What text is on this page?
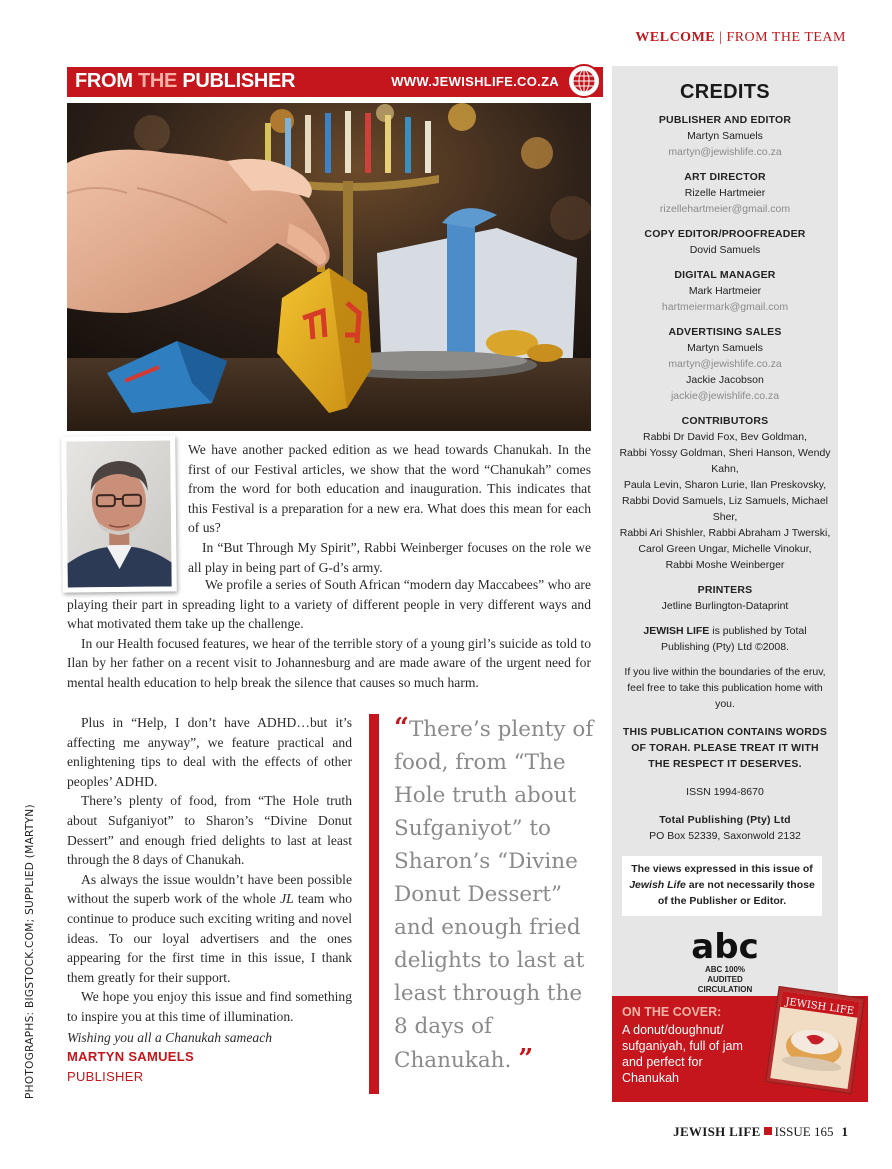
WELCOME | FROM THE TEAM
FROM THE PUBLISHER	WWW.JEWISHLIFE.CO.ZA

We have another packed edition as we head towards Chanukah. In the first of our Festival articles, we show that the word “Chanukah” comes from the word for both education and inauguration. This indicates that this Festival is a preparation for a new era. What does this mean for each of us?

In “But Through My Spirit”, Rabbi Weinberger focuses on the role we all play in being part of G-d’s army.

We profile a series of South African “modern day Maccabees” who are playing their part in spreading light to a variety of different people in very different ways and what motivated them take up the challenge.

In our Health focused features, we hear of the terrible story of a young girl’s suicide as told to Ilan by her father on a recent visit to Johannesburg and are made aware of the urgent need for mental health education to help break the silence that causes so much harm.

Plus in “Help, I don’t have ADHD…but it’s affecting me anyway”, we feature practical and enlightening tips to deal with the effects of other peoples’ ADHD.

There’s plenty of food, from “The Hole truth about Sufganiyot” to Sharon’s “Divine Donut Dessert” and enough fried delights to last at least through the 8 days of Chanukah.

As always the issue wouldn’t have been possible without the superb work of the whole JL team who continue to produce such exciting writing and novel ideas. To our loyal advertisers and the ones appearing for the first time in this issue, I thank them greatly for their support.

We hope you enjoy this issue and find something to inspire you at this time of illumination.

Wishing you all a Chanukah sameach

MARTYN SAMUELS
PUBLISHER
PHOTOGRAPHS: BIGSTOCK.COM; SUPPLIED (MARTYN)
“There’s plenty of food, from “The Hole truth about Sufganiyot” to Sharon’s “Divine Donut Dessert” and enough fried delights to last at least through the 8 days of Chanukah. ”
CREDITS
PUBLISHER AND EDITOR
Martyn Samuels
martyn@jewishlife.co.za
ART DIRECTOR
Rizelle Hartmeier
rizellehartmeier@gmail.com
COPY EDITOR/PROOFREADER
Dovid Samuels
DIGITAL MANAGER
Mark Hartmeier
hartmeiermark@gmail.com
ADVERTISING SALES
Martyn Samuels
martyn@jewishlife.co.za
Jackie Jacobson
jackie@jewishlife.co.za
CONTRIBUTORS
Rabbi Dr David Fox, Bev Goldman,
Rabbi Yossy Goldman, Sheri Hanson, Wendy Kahn,
Paula Levin, Sharon Lurie, Ilan Preskovsky,
Rabbi Dovid Samuels, Liz Samuels, Michael Sher,
Rabbi Ari Shishler, Rabbi Abraham J Twerski,
Carol Green Ungar, Michelle Vinokur,
Rabbi Moshe Weinberger
PRINTERS
Jetline Burlington-Dataprint
JEWISH LIFE is published by Total Publishing (Pty) Ltd ©2008.
If you live within the boundaries of the eruv, feel free to take this publication home with you.
THIS PUBLICATION CONTAINS WORDS
OF TORAH. PLEASE TREAT IT WITH
THE RESPECT IT DESERVES.
ISSN 1994-8670
Total Publishing (Pty) Ltd
PO Box 52339, Saxonwold 2132
The views expressed in this issue of
Jewish Life are not necessarily those
of the Publisher or Editor.
abc
ABC 100% AUDITED
CIRCULATION
ON THE COVER:
A donut/doughnut/ sufganiyah, full of jam and perfect for Chanukah
JEWISH LIFE
JEWISH LIFE ISSUE 165 1
